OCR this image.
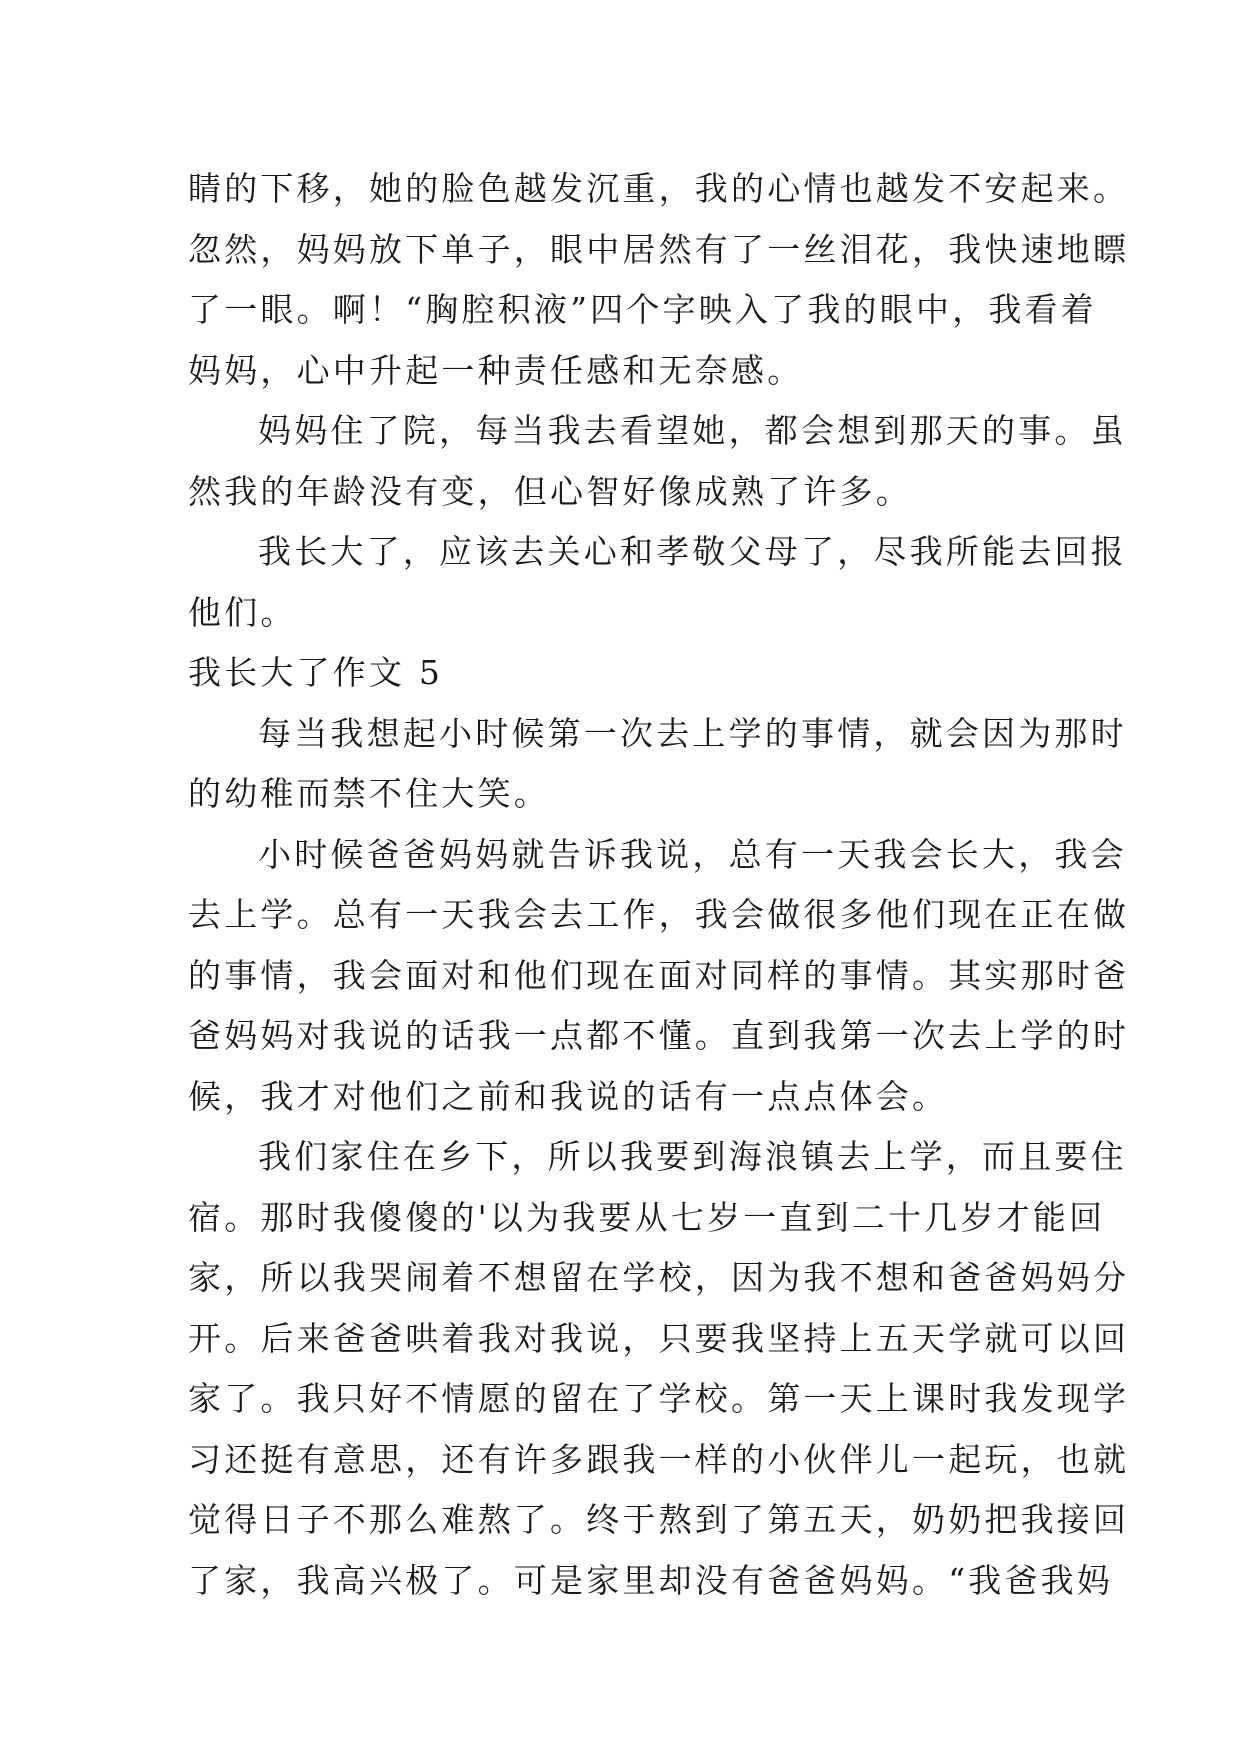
睛的下移，她的脸色越发沉重，我的心情也越发不安起来。
忽然，妈妈放下单子，眼中居然有了一丝泪花，我快速地瞟
了一眼。啊！“胸腔积液”四个字映入了我的眼中，我看着
妈妈，心中升起一种责任感和无奈感。
妈妈住了院，每当我去看望她，都会想到那天的事。虽
然我的年龄没有变，但心智好像成熟了许多。
我长大了，应该去关心和孝敬父母了，尽我所能去回报
他们。
我长大了作文 5
每当我想起小时候第一次去上学的事情，就会因为那时
的幼稚而禁不住大笑。
小时候爸爸妈妈就告诉我说，总有一天我会长大，我会
去上学。总有一天我会去工作，我会做很多他们现在正在做
的事情，我会面对和他们现在面对同样的事情。其实那时爸
爸妈妈对我说的话我一点都不懂。直到我第一次去上学的时
候，我才对他们之前和我说的话有一点点体会。
我们家住在乡下，所以我要到海浪镇去上学，而且要住
宿。那时我傻傻的'以为我要从七岁一直到二十几岁才能回
家，所以我哭闹着不想留在学校，因为我不想和爸爸妈妈分
开。后来爸爸哄着我对我说，只要我坚持上五天学就可以回
家了。我只好不情愿的留在了学校。第一天上课时我发现学
习还挺有意思，还有许多跟我一样的小伙伴儿一起玩，也就
觉得日子不那么难熬了。终于熬到了第五天，奶奶把我接回
了家，我高兴极了。可是家里却没有爸爸妈妈。“我爸我妈
